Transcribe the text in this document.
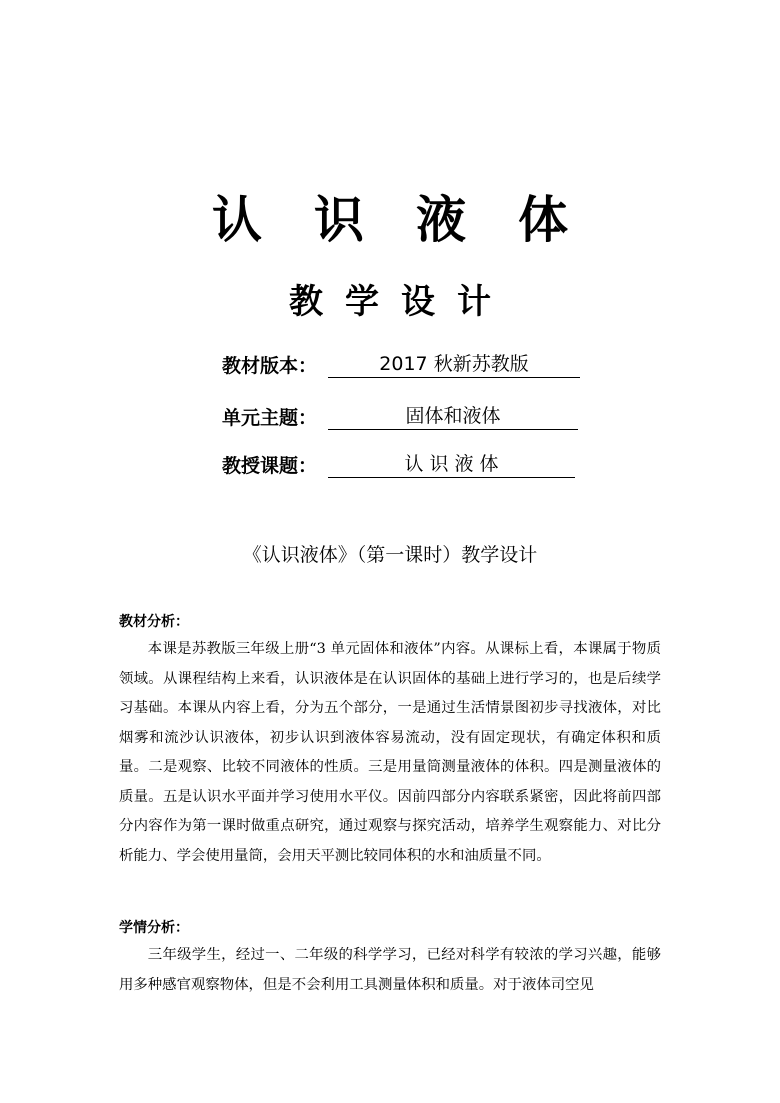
认识液体
教学设计
教材版本：	2017 秋新苏教版
单元主题：	固体和液体
教授课题：	认 识 液 体
《认识液体》（第一课时）教学设计
教材分析：
本课是苏教版三年级上册“3 单元固体和液体”内容。从课标上看，本课属于物质领域。从课程结构上来看，认识液体是在认识固体的基础上进行学习的，也是后续学习基础。本课从内容上看，分为五个部分，一是通过生活情景图初步寻找液体，对比烟雾和流沙认识液体，初步认识到液体容易流动，没有固定现状，有确定体积和质量。二是观察、比较不同液体的性质。三是用量筒测量液体的体积。四是测量液体的质量。五是认识水平面并学习使用水平仪。因前四部分内容联系紧密，因此将前四部分内容作为第一课时做重点研究，通过观察与探究活动，培养学生观察能力、对比分析能力、学会使用量筒，会用天平测比较同体积的水和油质量不同。
学情分析：
三年级学生，经过一、二年级的科学学习，已经对科学有较浓的学习兴趣，能够用多种感官观察物体，但是不会利用工具测量体积和质量。对于液体司空见
